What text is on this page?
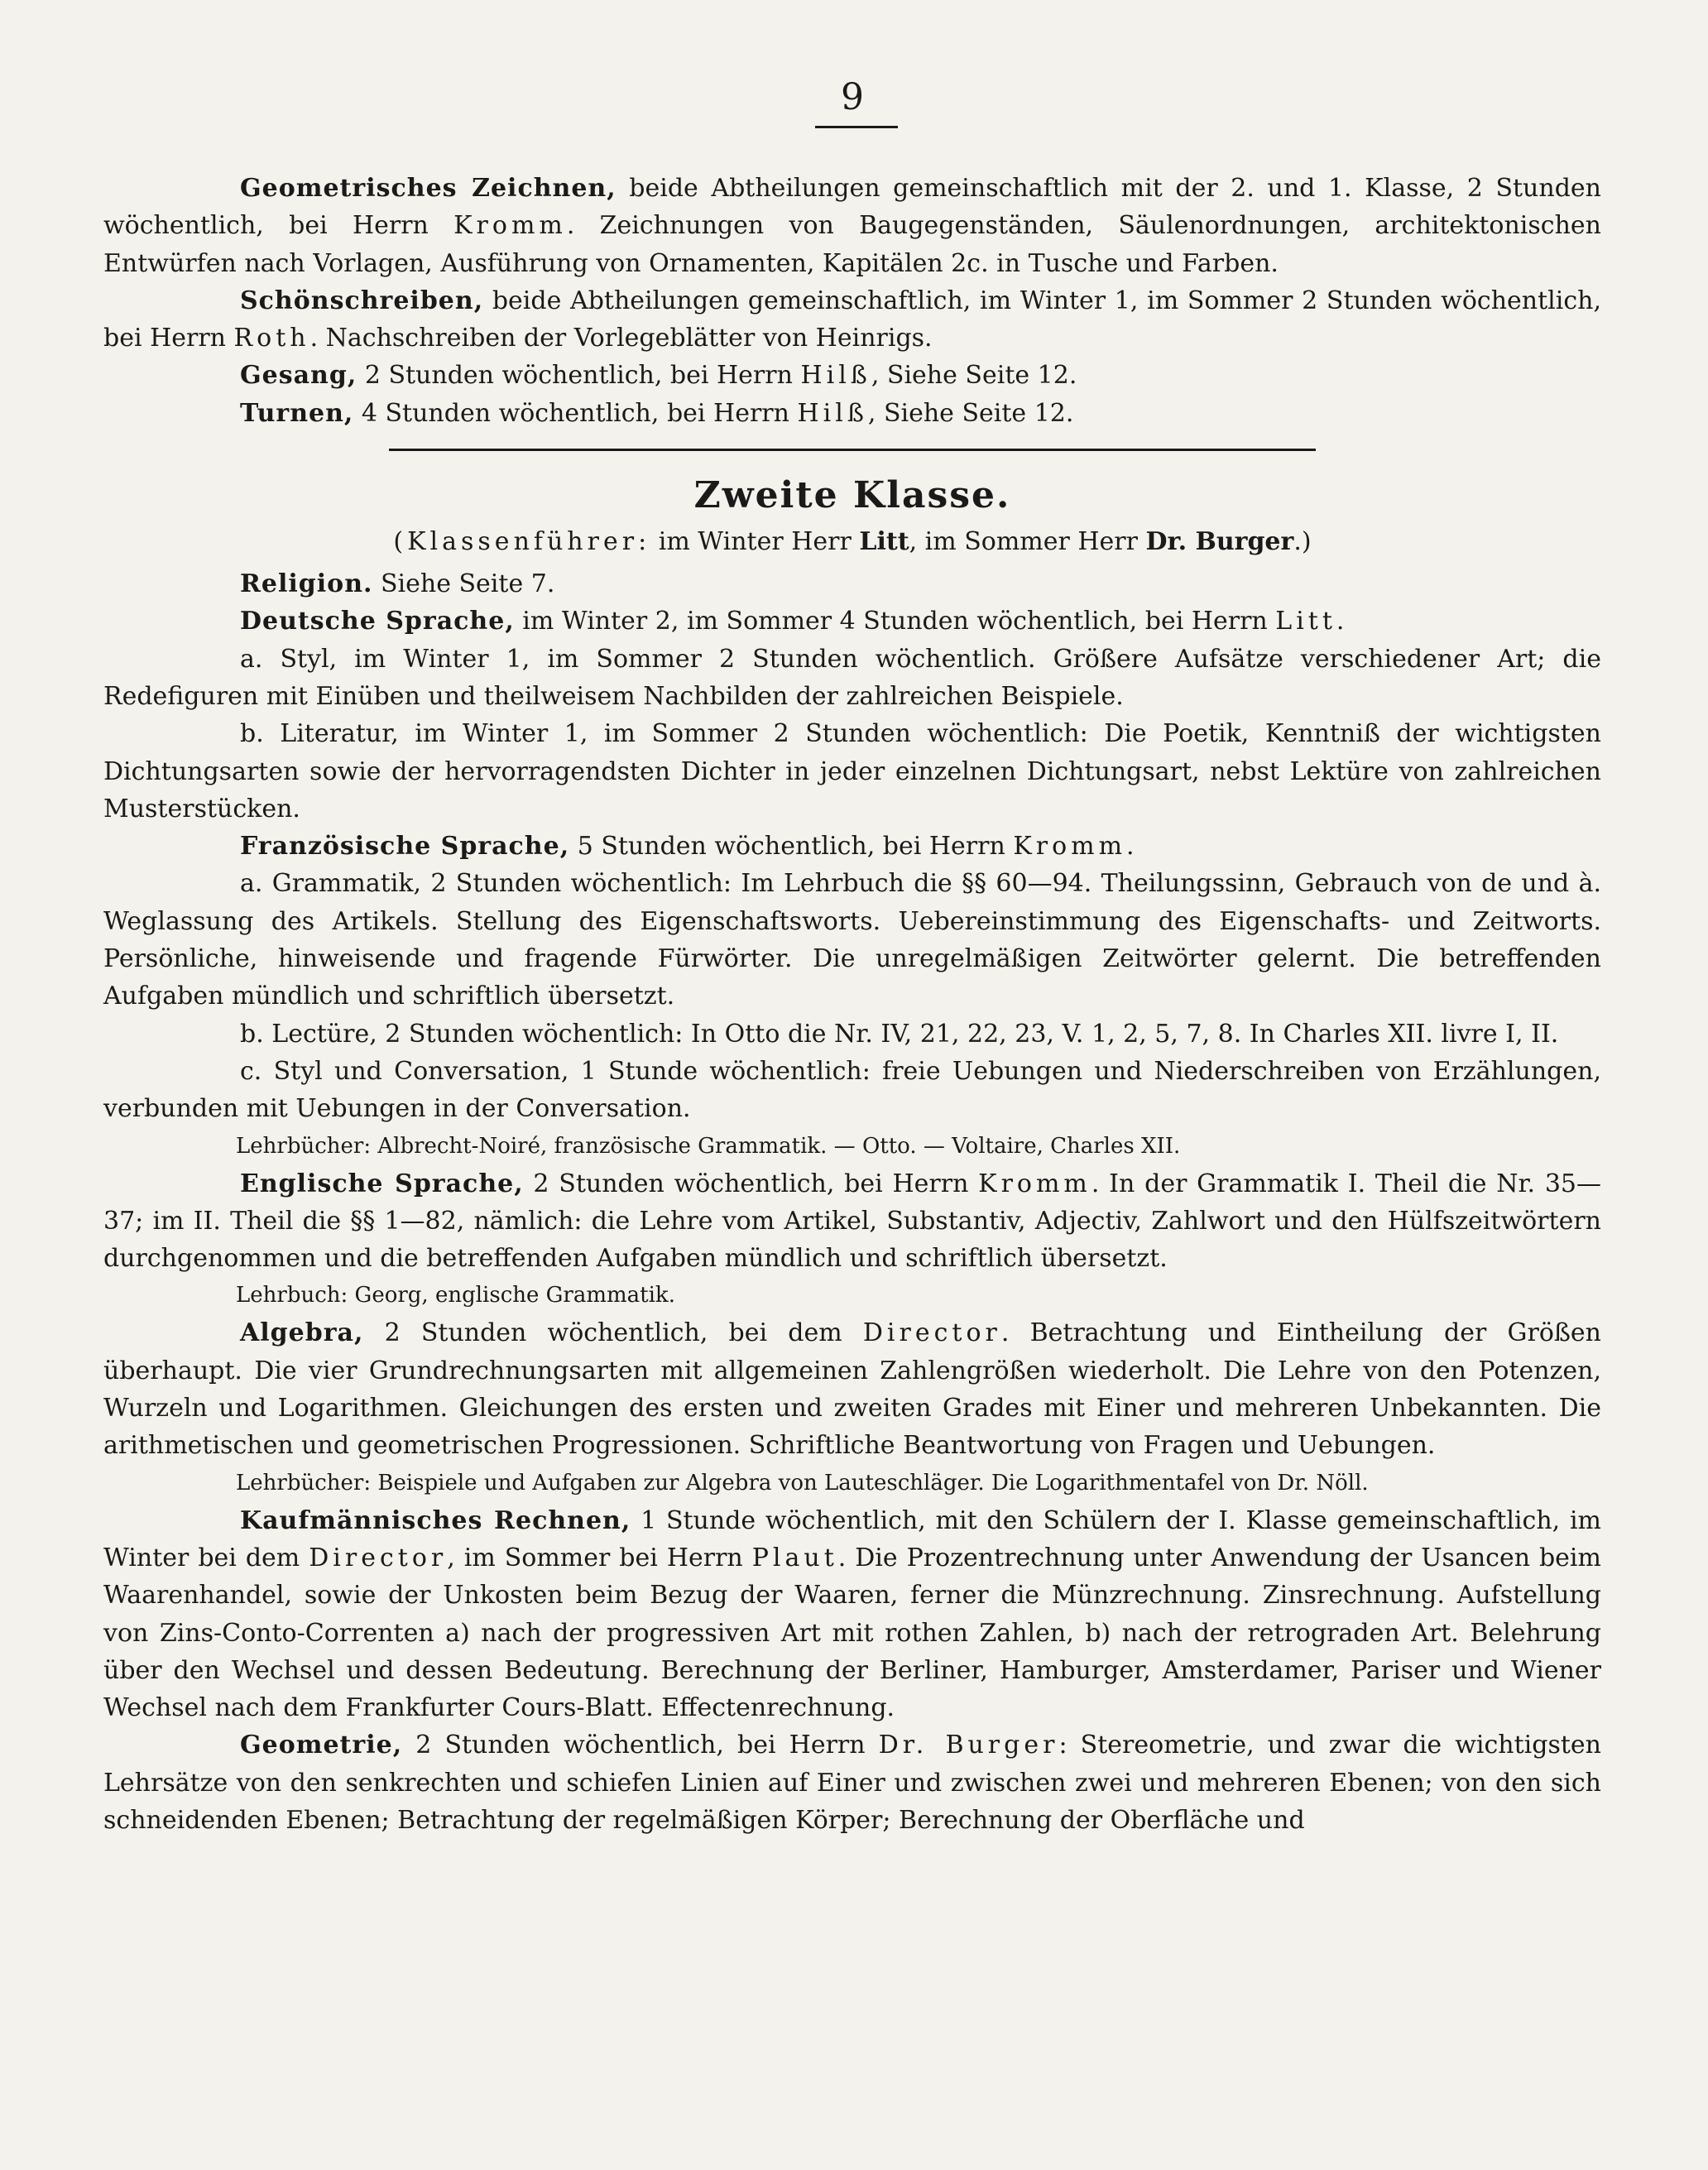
9

Geometrisches Zeichnen, beide Abtheilungen gemeinschaftlich mit der 2. und 1. Klasse, 2 Stunden wöchentlich, bei Herrn Kromm. Zeichnungen von Baugegenständen, Säulenordnungen, architektonischen Entwürfen nach Vorlagen, Ausführung von Ornamenten, Kapitälen 2c. in Tusche und Farben.

Schönschreiben, beide Abtheilungen gemeinschaftlich, im Winter 1, im Sommer 2 Stunden wöchentlich, bei Herrn Roth. Nachschreiben der Vorlegeblätter von Heinrigs.

Gesang, 2 Stunden wöchentlich, bei Herrn Hilß, Siehe Seite 12.

Turnen, 4 Stunden wöchentlich, bei Herrn Hilß, Siehe Seite 12.

Zweite Klasse.

(Klassenführer: im Winter Herr Litt, im Sommer Herr Dr. Burger.)

Religion. Siehe Seite 7.

Deutsche Sprache, im Winter 2, im Sommer 4 Stunden wöchentlich, bei Herrn Litt.

a. Styl, im Winter 1, im Sommer 2 Stunden wöchentlich. Größere Aufsätze verschiedener Art; die Redefiguren mit Einüben und theilweisem Nachbilden der zahlreichen Beispiele.

b. Literatur, im Winter 1, im Sommer 2 Stunden wöchentlich: Die Poetik, Kenntniß der wichtigsten Dichtungsarten sowie der hervorragendsten Dichter in jeder einzelnen Dichtungsart, nebst Lektüre von zahlreichen Musterstücken.

Französische Sprache, 5 Stunden wöchentlich, bei Herrn Kromm.

a. Grammatik, 2 Stunden wöchentlich: Im Lehrbuch die §§ 60—94. Theilungssinn, Gebrauch von de und à. Weglassung des Artikels. Stellung des Eigenschaftsworts. Uebereinstimmung des Eigenschafts- und Zeitworts. Persönliche, hinweisende und fragende Fürwörter. Die unregelmäßigen Zeitwörter gelernt. Die betreffenden Aufgaben mündlich und schriftlich übersetzt.

b. Lectüre, 2 Stunden wöchentlich: In Otto die Nr. IV, 21, 22, 23, V. 1, 2, 5, 7, 8. In Charles XII. livre I, II.

c. Styl und Conversation, 1 Stunde wöchentlich: freie Uebungen und Niederschreiben von Erzählungen, verbunden mit Uebungen in der Conversation.

Lehrbücher: Albrecht-Noiré, französische Grammatik. — Otto. — Voltaire, Charles XII.

Englische Sprache, 2 Stunden wöchentlich, bei Herrn Kromm. In der Grammatik I. Theil die Nr. 35—37; im II. Theil die §§ 1—82, nämlich: die Lehre vom Artikel, Substantiv, Adjectiv, Zahlwort und den Hülfszeitwörtern durchgenommen und die betreffenden Aufgaben mündlich und schriftlich übersetzt.

Lehrbuch: Georg, englische Grammatik.

Algebra, 2 Stunden wöchentlich, bei dem Director. Betrachtung und Eintheilung der Größen überhaupt. Die vier Grundrechnungsarten mit allgemeinen Zahlengrößen wiederholt. Die Lehre von den Potenzen, Wurzeln und Logarithmen. Gleichungen des ersten und zweiten Grades mit Einer und mehreren Unbekannten. Die arithmetischen und geometrischen Progressionen. Schriftliche Beantwortung von Fragen und Uebungen.

Lehrbücher: Beispiele und Aufgaben zur Algebra von Lauteschläger. Die Logarithmentafel von Dr. Nöll.

Kaufmännisches Rechnen, 1 Stunde wöchentlich, mit den Schülern der I. Klasse gemeinschaftlich, im Winter bei dem Director, im Sommer bei Herrn Plaut. Die Prozentrechnung unter Anwendung der Usancen beim Waarenhandel, sowie der Unkosten beim Bezug der Waaren, ferner die Münzrechnung. Zinsrechnung. Aufstellung von Zins-Conto-Correnten a) nach der progressiven Art mit rothen Zahlen, b) nach der retrograden Art. Belehrung über den Wechsel und dessen Bedeutung. Berechnung der Berliner, Hamburger, Amsterdamer, Pariser und Wiener Wechsel nach dem Frankfurter Cours-Blatt. Effectenrechnung.

Geometrie, 2 Stunden wöchentlich, bei Herrn Dr. Burger: Stereometrie, und zwar die wichtigsten Lehrsätze von den senkrechten und schiefen Linien auf Einer und zwischen zwei und mehreren Ebenen; von den sich schneidenden Ebenen; Betrachtung der regelmäßigen Körper; Berechnung der Oberfläche und
